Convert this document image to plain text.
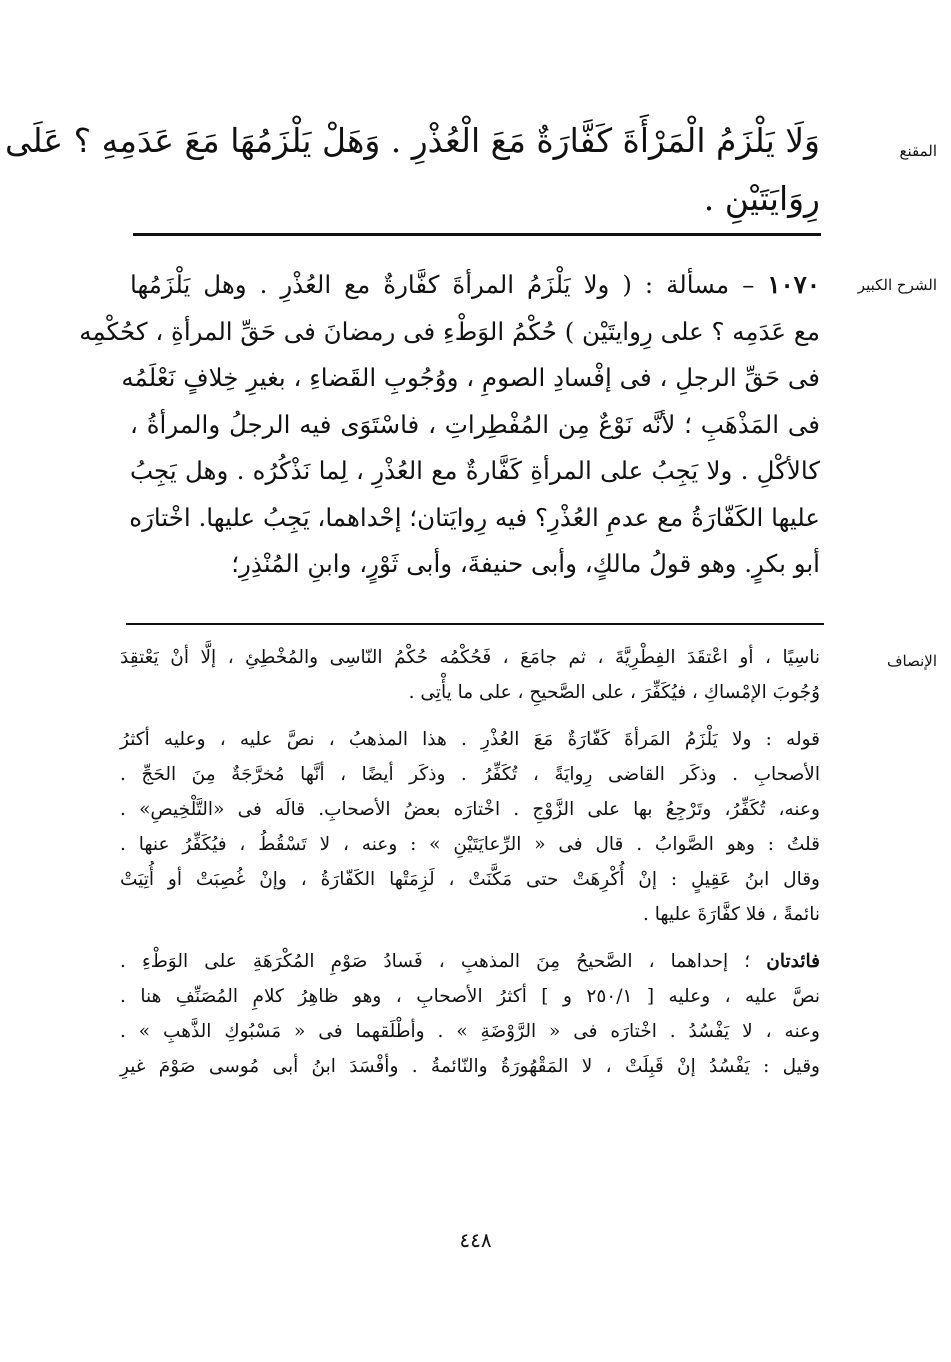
المقنع
وَلَا يَلْزَمُ الْمَرْأَةَ كَفَّارَةٌ مَعَ الْعُذْرِ . وَهَلْ يَلْزَمُهَا مَعَ عَدَمِهِ ؟ عَلَى
رِوَايَتَيْنِ .
الشرح الكبير
١٠٧٠ – مسألة : ( ولا يَلْزَمُ المرأةَ كفَّارةٌ مع العُذْرِ . وهل يَلْزَمُها
مع عَدَمِه ؟ على رِوايتَيْن ) حُكْمُ الوَطْءِ فى رمضانَ فى حَقِّ المرأةِ ، كحُكْمِه
فى حَقِّ الرجلِ ، فى إفْسادِ الصومِ ، ووُجُوبِ القَضاءِ ، بغيرِ خِلافٍ نَعْلَمُه
فى المَذْهَبِ ؛ لأنَّه نَوْعٌ مِن المُفْطِراتِ ، فاسْتَوَى فيه الرجلُ والمرأةُ ،
كالأكْلِ . ولا يَجِبُ على المرأةِ كَفَّارةٌ مع العُذْرِ ، لِما نَذْكُرُه . وهل يَجِبُ
عليها الكَفّارَةُ مع عدمِ العُذْرِ؟ فيه رِوايَتان؛ إحْداهما، يَجِبُ عليها. اخْتارَه
أبو بكرٍ. وهو قولُ مالكٍ، وأبى حنيفةَ، وأبى ثَوْرٍ، وابنِ المُنْذِرِ؛
الإنصاف
ناسِيًا ، أو اعْتقَدَ الفِطْرِيَّةَ ، ثم جامَعَ ، فَحُكْمُه حُكْمُ النّاسِى والمُخْطِئِ ، إلَّا أنْ يَعْتقِدَ
وُجُوبَ الإمْساكِ ، فيُكَفِّرَ ، على الصَّحيحِ ، على ما يأْتِى .
قوله : ولا يَلْزَمُ المَرأةَ كَفّارَةٌ مَعَ العُذْرِ . هذا المذهبُ ، نصَّ عليه ، وعليه أكثرُ
الأصحابِ . وذكَر القاضى رِوايَةً ، تُكَفِّرُ . وذكَر أيضًا ، أنَّها مُخرَّجَةٌ مِنَ الحَجِّ .
وعنه، تُكَفِّرُ، وتَرْجِعُ بها على الزَّوْجِ . اخْتارَه بعضُ الأصحابِ. قالَه فى «التَّلْخِيصِ» .
قلتُ : وهو الصَّوابُ . قال فى « الرِّعايَتَيْنِ » : وعنه ، لا تَسْقُطُ ، فيُكَفِّرُ عنها .
وقال ابنُ عَقِيلٍ : إنْ أُكْرِهَتْ حتى مَكَّنَتْ ، لَزِمَتْها الكَفّارَةُ ، وإنْ غُصِبَتْ أو أُتِيَتْ
نائمةً ، فلا كفَّارَةَ عليها .
فائدتان ؛ إحداهما ، الصَّحيحُ مِنَ المذهبِ ، فَسادُ صَوْمِ المُكْرَهَةِ على الوَطْءِ .
نصَّ عليه ، وعليه [ ٢٥٠/١ و ] أكثرُ الأصحابِ ، وهو ظاهِرُ كلامِ المُصَنِّفِ هنا .
وعنه ، لا يَفْسُدُ . اخْتارَه فى « الرَّوْضَةِ » . وأطْلَقهما فى « مَسْبُوكِ الذَّهبِ » .
وقيل : يَفْسُدُ إنْ قَبِلَتْ ، لا المَقْهُورَةُ والنّائمةُ . وأفْسَدَ ابنُ أبى مُوسى صَوْمَ غيرِ
٤٤٨
